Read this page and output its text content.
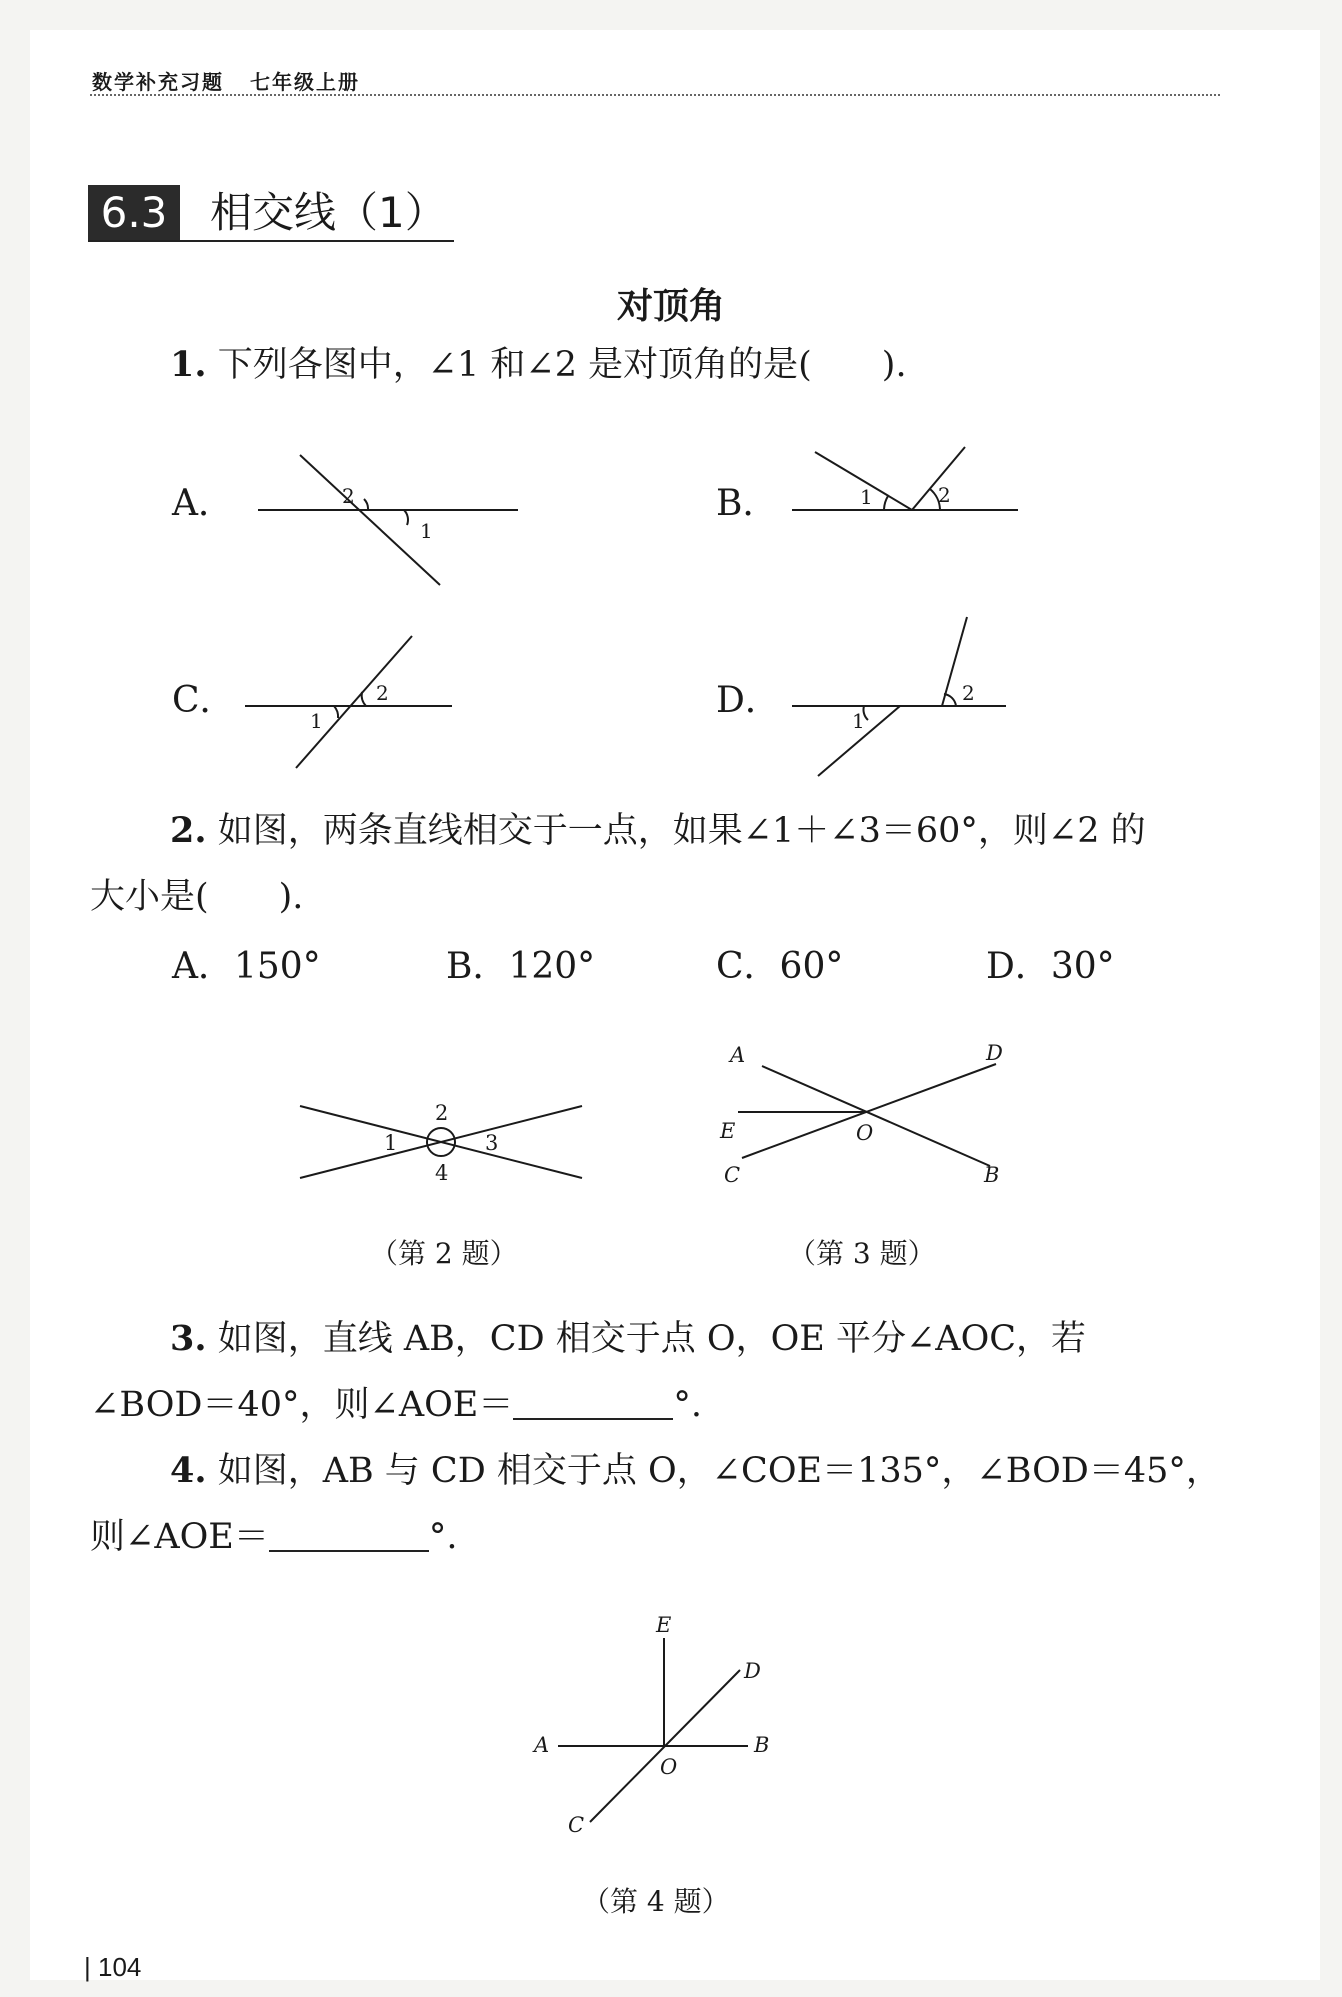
数学补充习题 七年级上册
6.3	相交线（1）
对顶角
1. 下列各图中，∠1 和∠2 是对顶角的是(　　).
A．	B．
C．	D．
2
1
1	2
1
2
1
2
2. 如图，两条直线相交于一点，如果∠1＋∠3＝60°，则∠2 的
大小是(　　).
A．150°	B．120°	C．60°	D．30°
2
1	3
4
A	D
E	O
C	B
（第 2 题）	（第 3 题）
3. 如图，直线 AB，CD 相交于点 O，OE 平分∠AOC，若
∠BOD＝40°，则∠AOE＝	°.
4. 如图，AB 与 CD 相交于点 O，∠COE＝135°，∠BOD＝45°，
则∠AOE＝	°.
E
D
A	B
O
C
（第 4 题）
| 104
